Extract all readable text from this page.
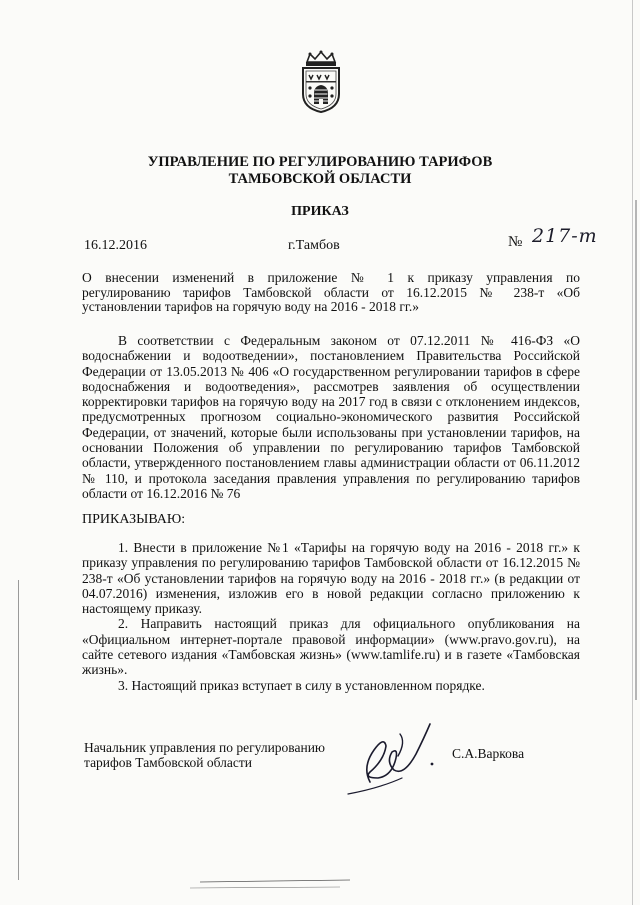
УПРАВЛЕНИЕ ПО РЕГУЛИРОВАНИЮ ТАРИФОВ
ТАМБОВСКОЙ ОБЛАСТИ
ПРИКАЗ
16.12.2016	г.Тамбов	№ 217-т
О внесении изменений в приложение № 1 к приказу управления по
регулированию тарифов Тамбовской области от 16.12.2015 № 238-т «Об
установлении тарифов на горячую воду на 2016 - 2018 гг.»

В соответствии с Федеральным законом от 07.12.2011 № 416-ФЗ «О водоснабжении и водоотведении», постановлением Правительства Российской Федерации от 13.05.2013 № 406 «О государственном регулировании тарифов в сфере водоснабжения и водоотведения», рассмотрев заявления об осуществлении корректировки тарифов на горячую воду на 2017 год в связи с отклонением индексов, предусмотренных прогнозом социально-экономического развития Российской Федерации, от значений, которые были использованы при установлении тарифов, на основании Положения об управлении по регулированию тарифов Тамбовской области, утвержденного постановлением главы администрации области от 06.11.2012 № 110, и протокола заседания правления управления по регулированию тарифов области от 16.12.2016 № 76

ПРИКАЗЫВАЮ:

1. Внести в приложение №1 «Тарифы на горячую воду на 2016 - 2018 гг.» к приказу управления по регулированию тарифов Тамбовской области от 16.12.2015 № 238-т «Об установлении тарифов на горячую воду на 2016 - 2018 гг.» (в редакции от 04.07.2016) изменения, изложив его в новой редакции согласно приложению к настоящему приказу.

2. Направить настоящий приказ для официального опубликования на «Официальном интернет-портале правовой информации» (www.pravo.gov.ru), на сайте сетевого издания «Тамбовская жизнь» (www.tamlife.ru) и в газете «Тамбовская жизнь».

3. Настоящий приказ вступает в силу в установленном порядке.

Начальник управления по регулированию
тарифов Тамбовской области
С.А.Варкова
